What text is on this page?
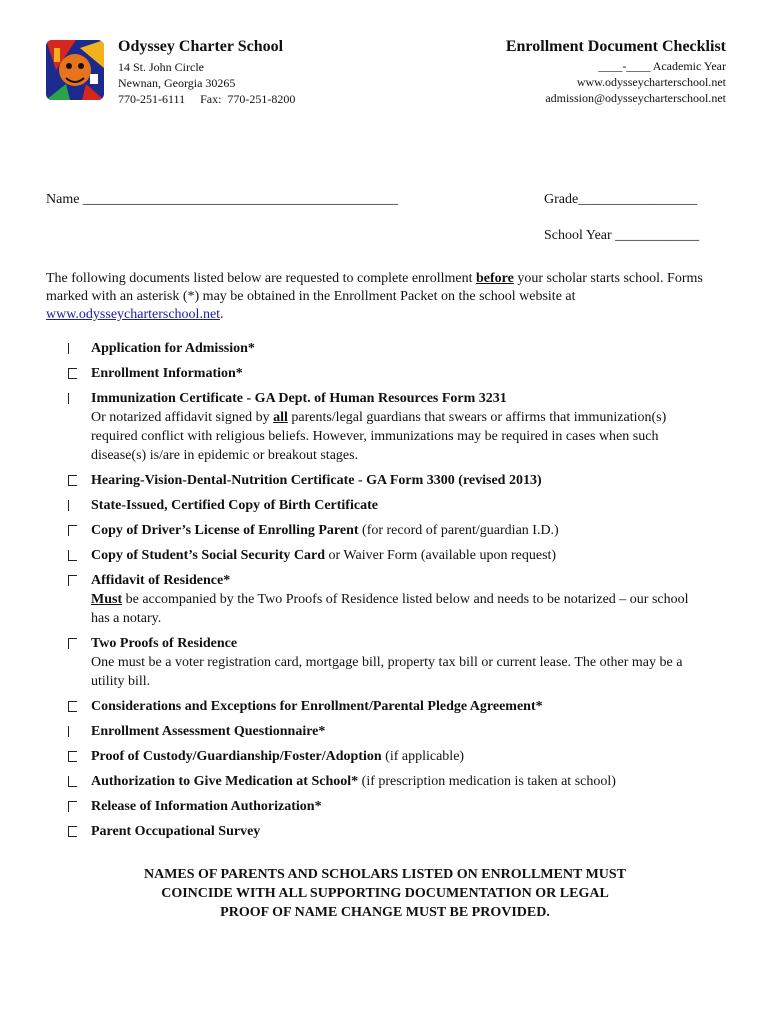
Odyssey Charter School
14 St. John Circle
Newnan, Georgia 30265
770-251-6111     Fax:  770-251-8200
Enrollment Document Checklist
____-____ Academic Year
www.odysseycharterschool.net
admission@odysseycharterschool.net
Name _____________________________________________	Grade_________________
School Year ____________
The following documents listed below are requested to complete enrollment before your scholar starts school. Forms marked with an asterisk (*) may be obtained in the Enrollment Packet on the school website at www.odysseycharterschool.net.
Application for Admission*
Enrollment Information*
Immunization Certificate - GA Dept. of Human Resources Form 3231
Or notarized affidavit signed by all parents/legal guardians that swears or affirms that immunization(s) required conflict with religious beliefs. However, immunizations may be required in cases when such disease(s) is/are in epidemic or breakout stages.
Hearing-Vision-Dental-Nutrition Certificate - GA Form 3300 (revised 2013)
State-Issued, Certified Copy of Birth Certificate
Copy of Driver’s License of Enrolling Parent (for record of parent/guardian I.D.)
Copy of Student’s Social Security Card or Waiver Form (available upon request)
Affidavit of Residence*
Must be accompanied by the Two Proofs of Residence listed below and needs to be notarized – our school has a notary.
Two Proofs of Residence
One must be a voter registration card, mortgage bill, property tax bill or current lease. The other may be a utility bill.
Considerations and Exceptions for Enrollment/Parental Pledge Agreement*
Enrollment Assessment Questionnaire*
Proof of Custody/Guardianship/Foster/Adoption (if applicable)
Authorization to Give Medication at School* (if prescription medication is taken at school)
Release of Information Authorization*
Parent Occupational Survey
NAMES OF PARENTS AND SCHOLARS LISTED ON ENROLLMENT MUST
COINCIDE WITH ALL SUPPORTING DOCUMENTATION OR LEGAL
PROOF OF NAME CHANGE MUST BE PROVIDED.
